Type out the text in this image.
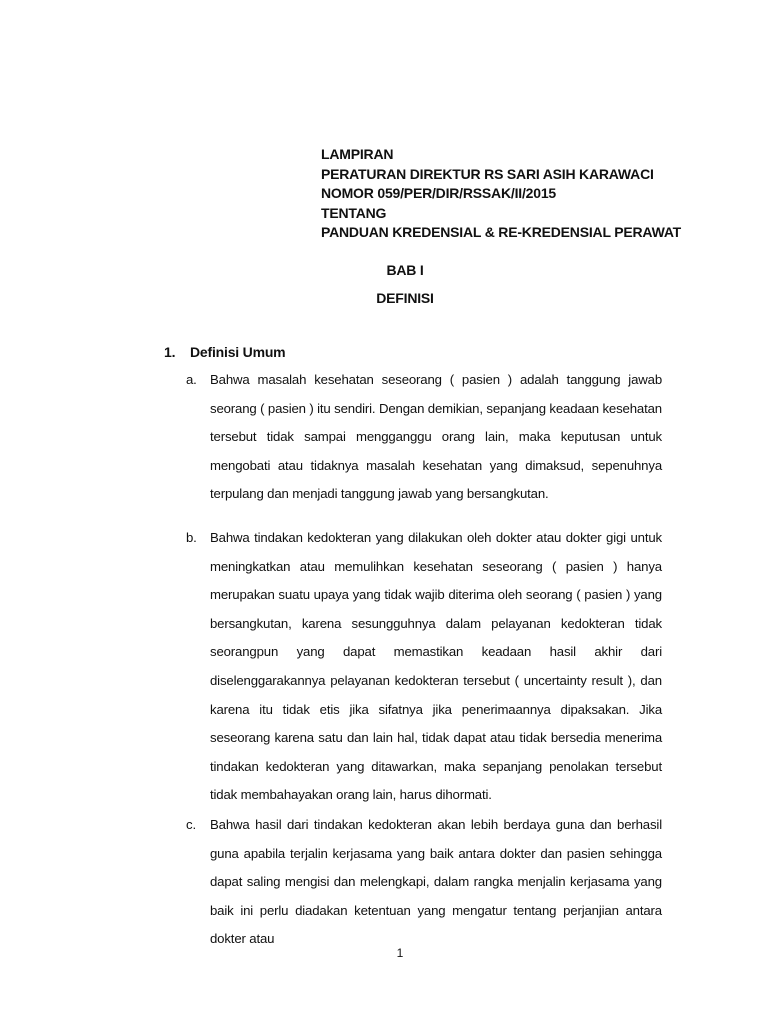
LAMPIRAN
PERATURAN DIREKTUR RS SARI ASIH KARAWACI
NOMOR 059/PER/DIR/RSSAK/II/2015
TENTANG
PANDUAN KREDENSIAL & RE-KREDENSIAL PERAWAT
BAB I
DEFINISI
1. Definisi Umum
a. Bahwa masalah kesehatan seseorang ( pasien ) adalah tanggung jawab seorang ( pasien ) itu sendiri. Dengan demikian, sepanjang keadaan kesehatan tersebut tidak sampai mengganggu orang lain, maka keputusan untuk mengobati atau tidaknya masalah kesehatan yang dimaksud, sepenuhnya terpulang dan menjadi tanggung jawab yang bersangkutan.
b. Bahwa tindakan kedokteran yang dilakukan oleh dokter atau dokter gigi untuk meningkatkan atau memulihkan kesehatan seseorang ( pasien ) hanya merupakan suatu upaya yang tidak wajib diterima oleh seorang ( pasien ) yang bersangkutan, karena sesungguhnya dalam pelayanan kedokteran tidak seorangpun yang dapat memastikan keadaan hasil akhir dari diselenggarakannya pelayanan kedokteran tersebut ( uncertainty result ), dan karena itu tidak etis jika sifatnya jika penerimaannya dipaksakan. Jika seseorang karena satu dan lain hal, tidak dapat atau tidak bersedia menerima tindakan kedokteran yang ditawarkan, maka sepanjang penolakan tersebut tidak membahayakan orang lain, harus dihormati.
c. Bahwa hasil dari tindakan kedokteran akan lebih berdaya guna dan berhasil guna apabila terjalin kerjasama yang baik antara dokter dan pasien sehingga dapat saling mengisi dan melengkapi, dalam rangka menjalin kerjasama yang baik ini perlu diadakan ketentuan yang mengatur tentang perjanjian antara dokter atau
1
